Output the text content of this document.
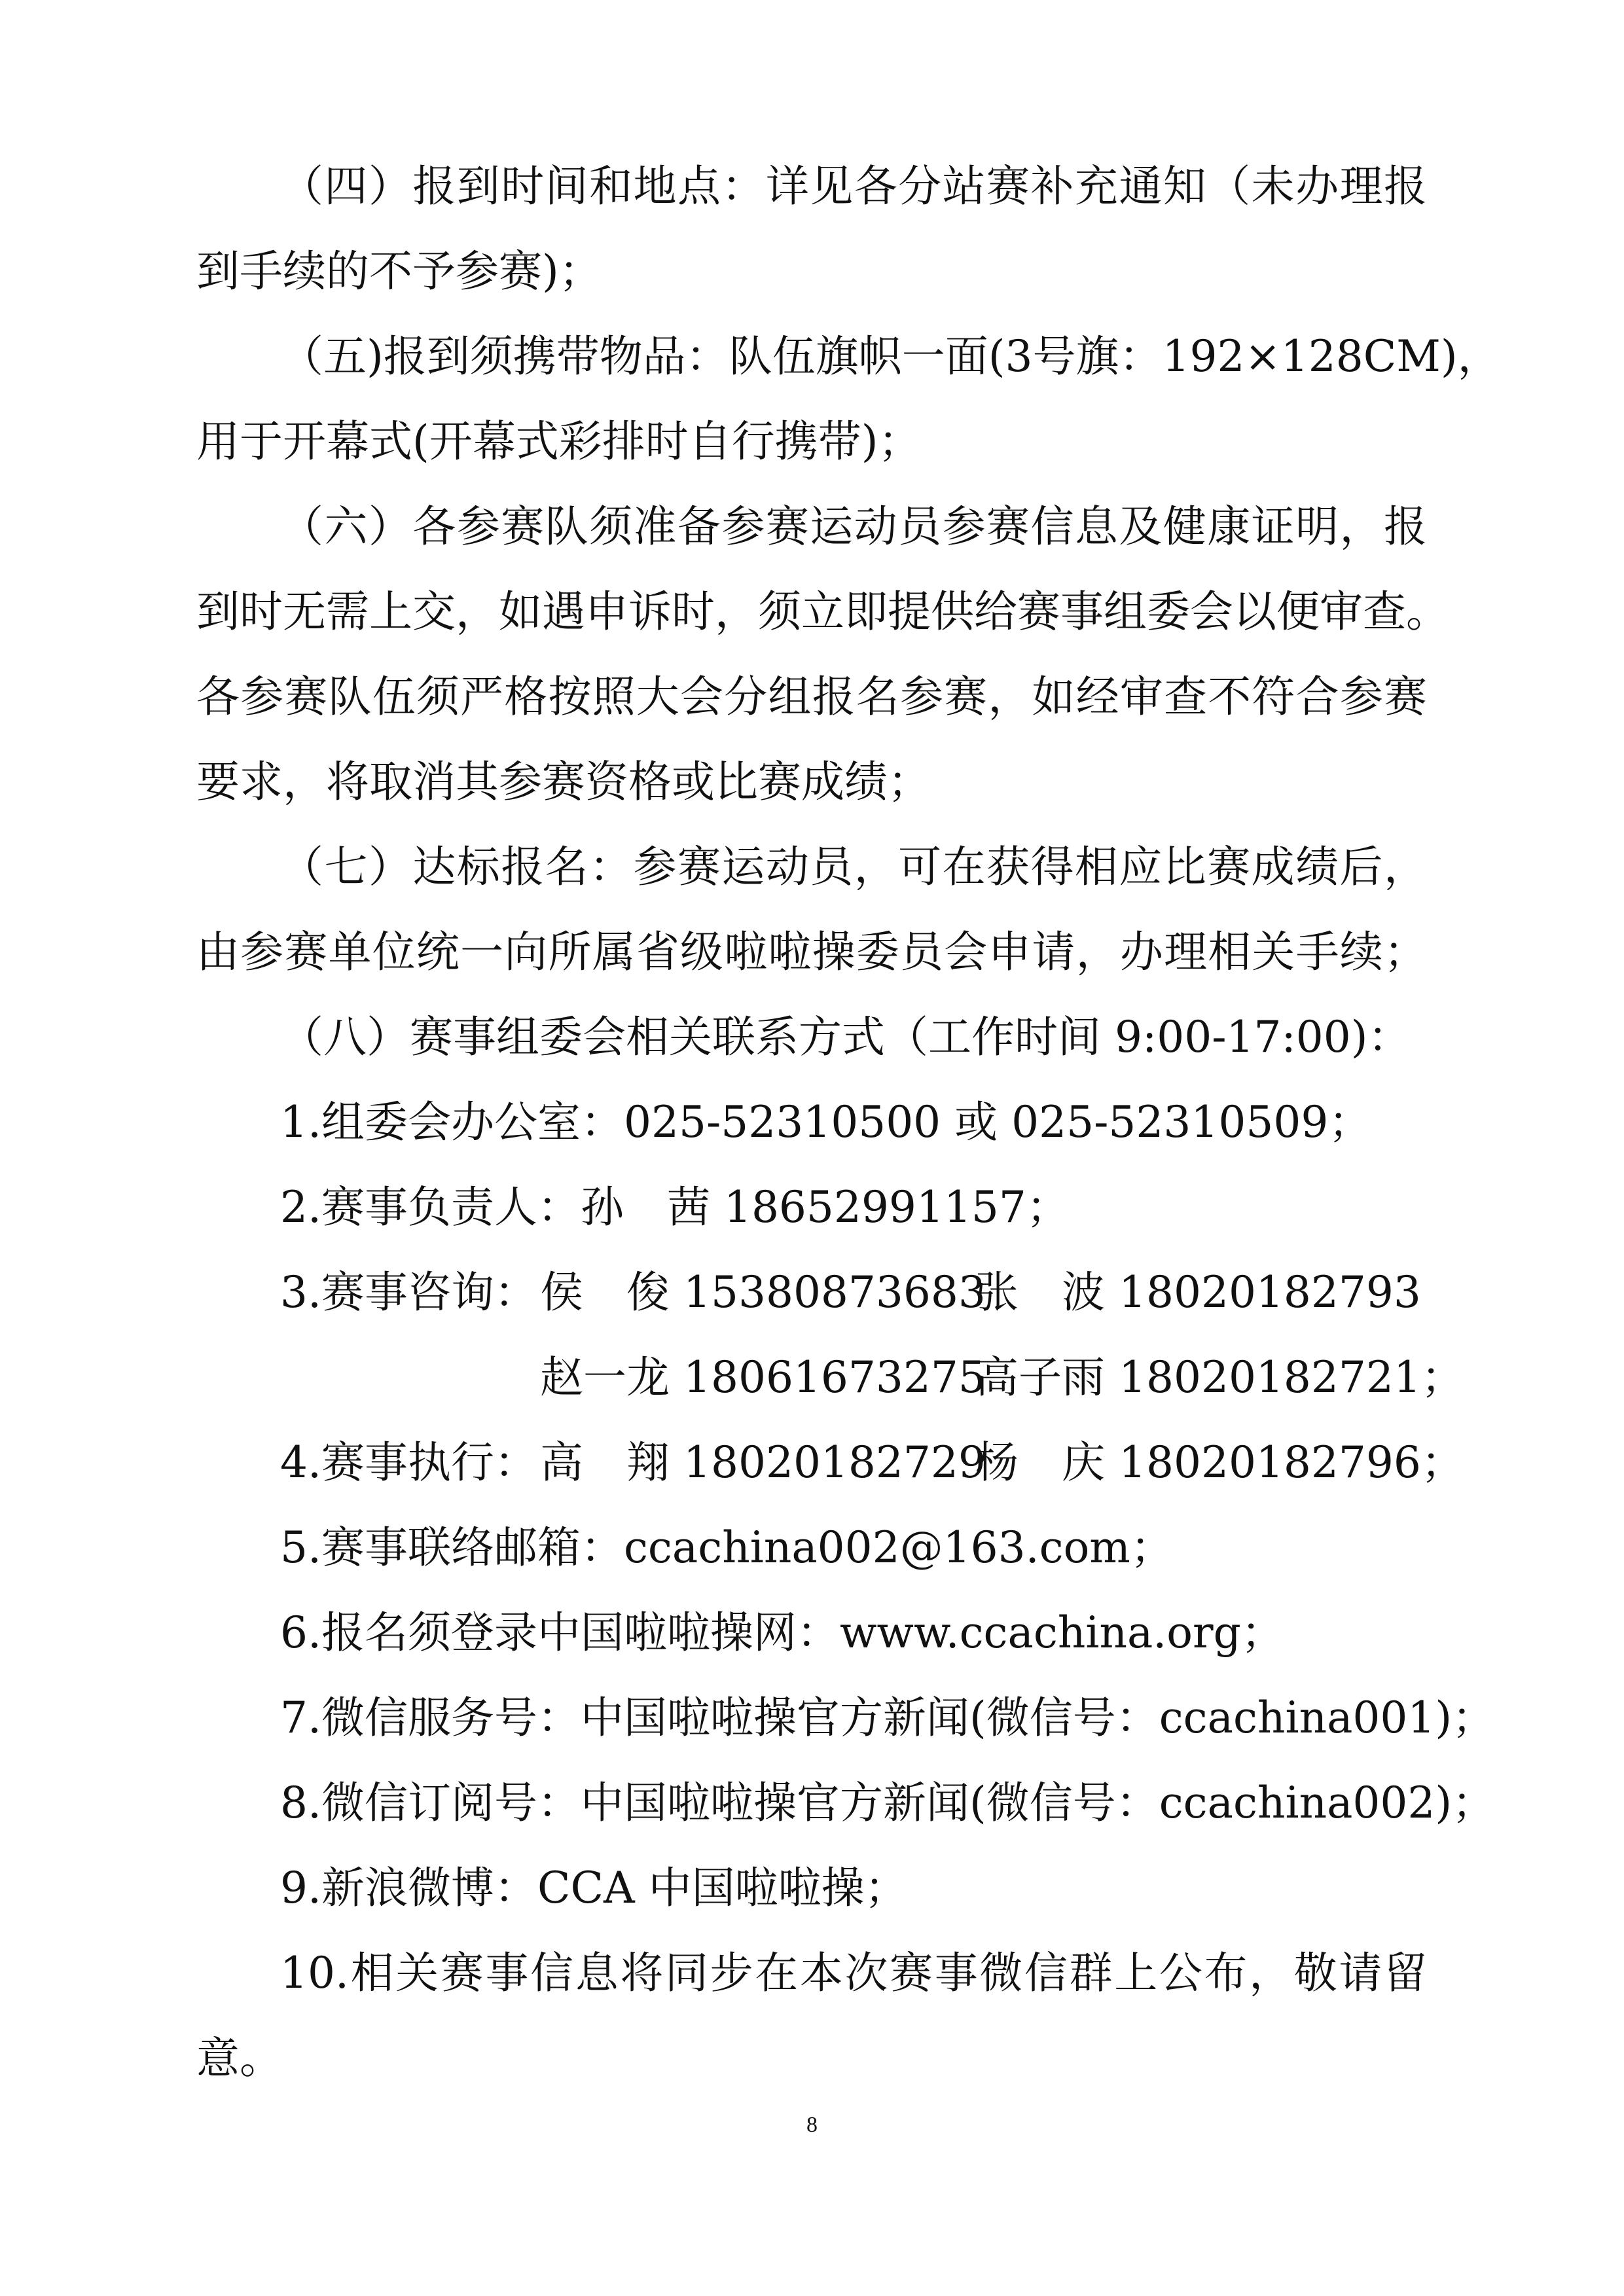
（四）报到时间和地点：详见各分站赛补充通知（未办理报
到手续的不予参赛)；
（五)报到须携带物品：队伍旗帜一面(3号旗：192×128CM)，
用于开幕式(开幕式彩排时自行携带)；
（六）各参赛队须准备参赛运动员参赛信息及健康证明，报
到时无需上交，如遇申诉时，须立即提供给赛事组委会以便审查。
各参赛队伍须严格按照大会分组报名参赛，如经审查不符合参赛
要求，将取消其参赛资格或比赛成绩；
（七）达标报名：参赛运动员，可在获得相应比赛成绩后，
由参赛单位统一向所属省级啦啦操委员会申请，办理相关手续；
（八）赛事组委会相关联系方式（工作时间 9:00-17:00)：
1.组委会办公室：025-52310500 或 025-52310509；
2.赛事负责人：孙　茜 18652991157；

3.赛事咨询：

侯　俊 15380873683

张　波 18020182793

赵一龙 18061673275

高子雨 18020182721；

4.赛事执行：

高　翔 18020182729

杨　庆 18020182796；

5.赛事联络邮箱：ccachina002@163.com；
6.报名须登录中国啦啦操网：www.ccachina.org；
7.微信服务号：中国啦啦操官方新闻(微信号：ccachina001)；
8.微信订阅号：中国啦啦操官方新闻(微信号：ccachina002)；
9.新浪微博：CCA 中国啦啦操；
10.相关赛事信息将同步在本次赛事微信群上公布，敬请留
意。
8
